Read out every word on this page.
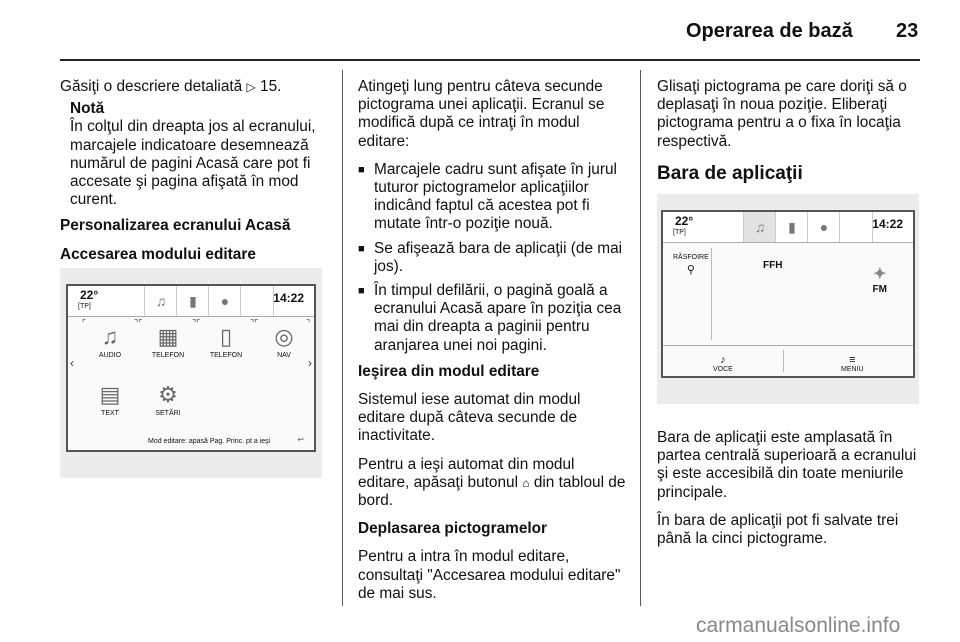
Operarea de bază 23

Găsiţi o descriere detaliată ▷ 15.

Notă
În colţul din dreapta jos al ecranului, marcajele indicatoare desemnează numărul de pagini Acasă care pot fi accesate şi pagina afişată în mod curent.

Personalizarea ecranului Acasă

Accesarea modului editare

22°
[TP]	♫	▮	●	14:22
⌜	⌝⌜	⌝⌜	⌝⌜	⌝
♫
AUDIO
▦
TELEFON
▯
TELEFON
◎
NAV
‹	›
▤
TEXT
⚙
SETĂRI
Mod editare: apasă Pag. Princ. pt a ieşi	↩

Atingeţi lung pentru câteva secunde pictograma unei aplicaţii. Ecranul se modifică după ce intraţi în modul editare:

■ Marcajele cadru sunt afişate în jurul tuturor pictogramelor aplicaţiilor indicând faptul că acestea pot fi mutate într-o poziţie nouă.
■ Se afişează bara de aplicaţii (de mai jos).
■ În timpul defilării, o pagină goală a ecranului Acasă apare în poziţia cea mai din dreapta a paginii pentru aranjarea unei noi pagini.

Ieşirea din modul editare

Sistemul iese automat din modul editare după câteva secunde de inactivitate.

Pentru a ieşi automat din modul editare, apăsaţi butonul ⌂ din tabloul de bord.

Deplasarea pictogramelor

Pentru a intra în modul editare, consultaţi "Accesarea modului editare" de mai sus.

Glisaţi pictograma pe care doriţi să o deplasaţi în noua poziţie. Eliberaţi pictograma pentru a o fixa în locaţia respectivă.

Bara de aplicaţii

Bara de aplicaţii este amplasată în partea centrală superioară a ecranului şi este accesibilă din toate meniurile principale.

În bara de aplicaţii pot fi salvate trei până la cinci pictograme.

22°
[TP]	♫	▮	●	14:22
RĂSFOIRE
⚲	FFH
✦
FM
♪
VOCE
≡
MENIU
carmanualsonline.info
